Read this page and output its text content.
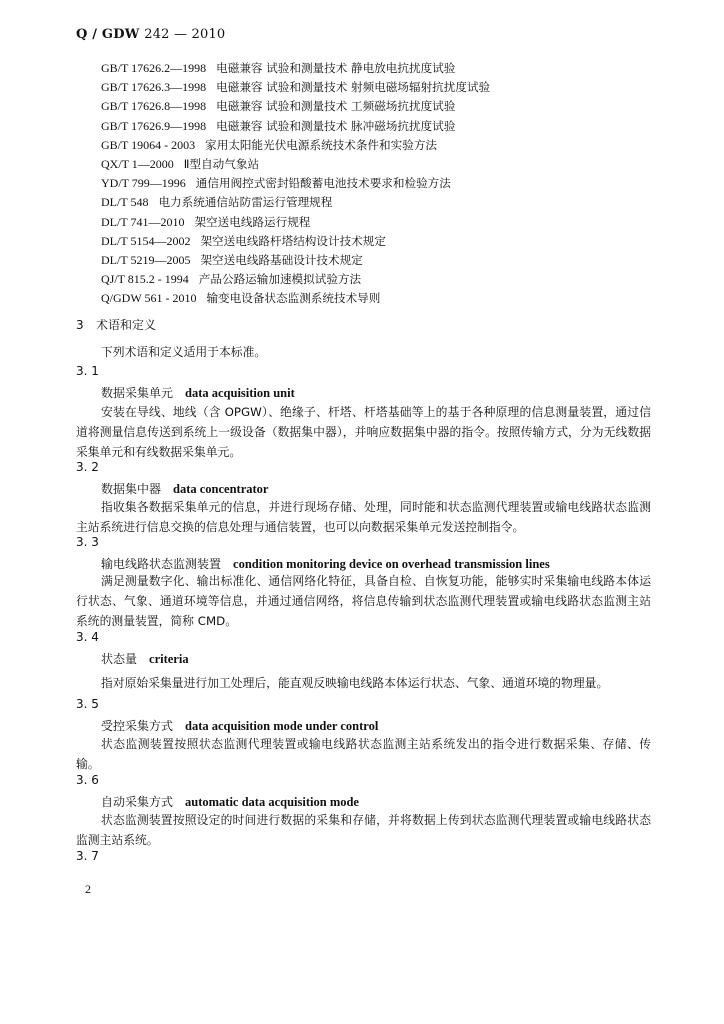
Q / GDW 242 — 2010
GB/T 17626.2—1998 电磁兼容 试验和测量技术 静电放电抗扰度试验
GB/T 17626.3—1998 电磁兼容 试验和测量技术 射频电磁场辐射抗扰度试验
GB/T 17626.8—1998 电磁兼容 试验和测量技术 工频磁场抗扰度试验
GB/T 17626.9—1998 电磁兼容 试验和测量技术 脉冲磁场抗扰度试验
GB/T 19064 - 2003 家用太阳能光伏电源系统技术条件和实验方法
QX/T 1—2000 Ⅱ型自动气象站
YD/T 799—1996 通信用阀控式密封铅酸蓄电池技术要求和检验方法
DL/T 548 电力系统通信站防雷运行管理规程
DL/T 741—2010 架空送电线路运行规程
DL/T 5154—2002 架空送电线路杆塔结构设计技术规定
DL/T 5219—2005 架空送电线路基础设计技术规定
QJ/T 815.2 - 1994 产品公路运输加速模拟试验方法
Q/GDW 561 - 2010 输变电设备状态监测系统技术导则
3 术语和定义
下列术语和定义适用于本标准。
3. 1
数据采集单元 data acquisition unit
安装在导线、地线（含 OPGW）、绝缘子、杆塔、杆塔基础等上的基于各种原理的信息测量装置，通过信道将测量信息传送到系统上一级设备（数据集中器），并响应数据集中器的指令。按照传输方式，分为无线数据采集单元和有线数据采集单元。
3. 2
数据集中器 data concentrator
指收集各数据采集单元的信息，并进行现场存储、处理，同时能和状态监测代理装置或输电线路状态监测主站系统进行信息交换的信息处理与通信装置，也可以向数据采集单元发送控制指令。
3. 3
输电线路状态监测装置 condition monitoring device on overhead transmission lines
满足测量数字化、输出标准化、通信网络化特征，具备自检、自恢复功能，能够实时采集输电线路本体运行状态、气象、通道环境等信息，并通过通信网络，将信息传输到状态监测代理装置或输电线路状态监测主站系统的测量装置，简称 CMD。
3. 4
状态量 criteria
指对原始采集量进行加工处理后，能直观反映输电线路本体运行状态、气象、通道环境的物理量。
3. 5
受控采集方式 data acquisition mode under control
状态监测装置按照状态监测代理装置或输电线路状态监测主站系统发出的指令进行数据采集、存储、传输。
3. 6
自动采集方式 automatic data acquisition mode
状态监测装置按照设定的时间进行数据的采集和存储，并将数据上传到状态监测代理装置或输电线路状态监测主站系统。
3. 7
2
